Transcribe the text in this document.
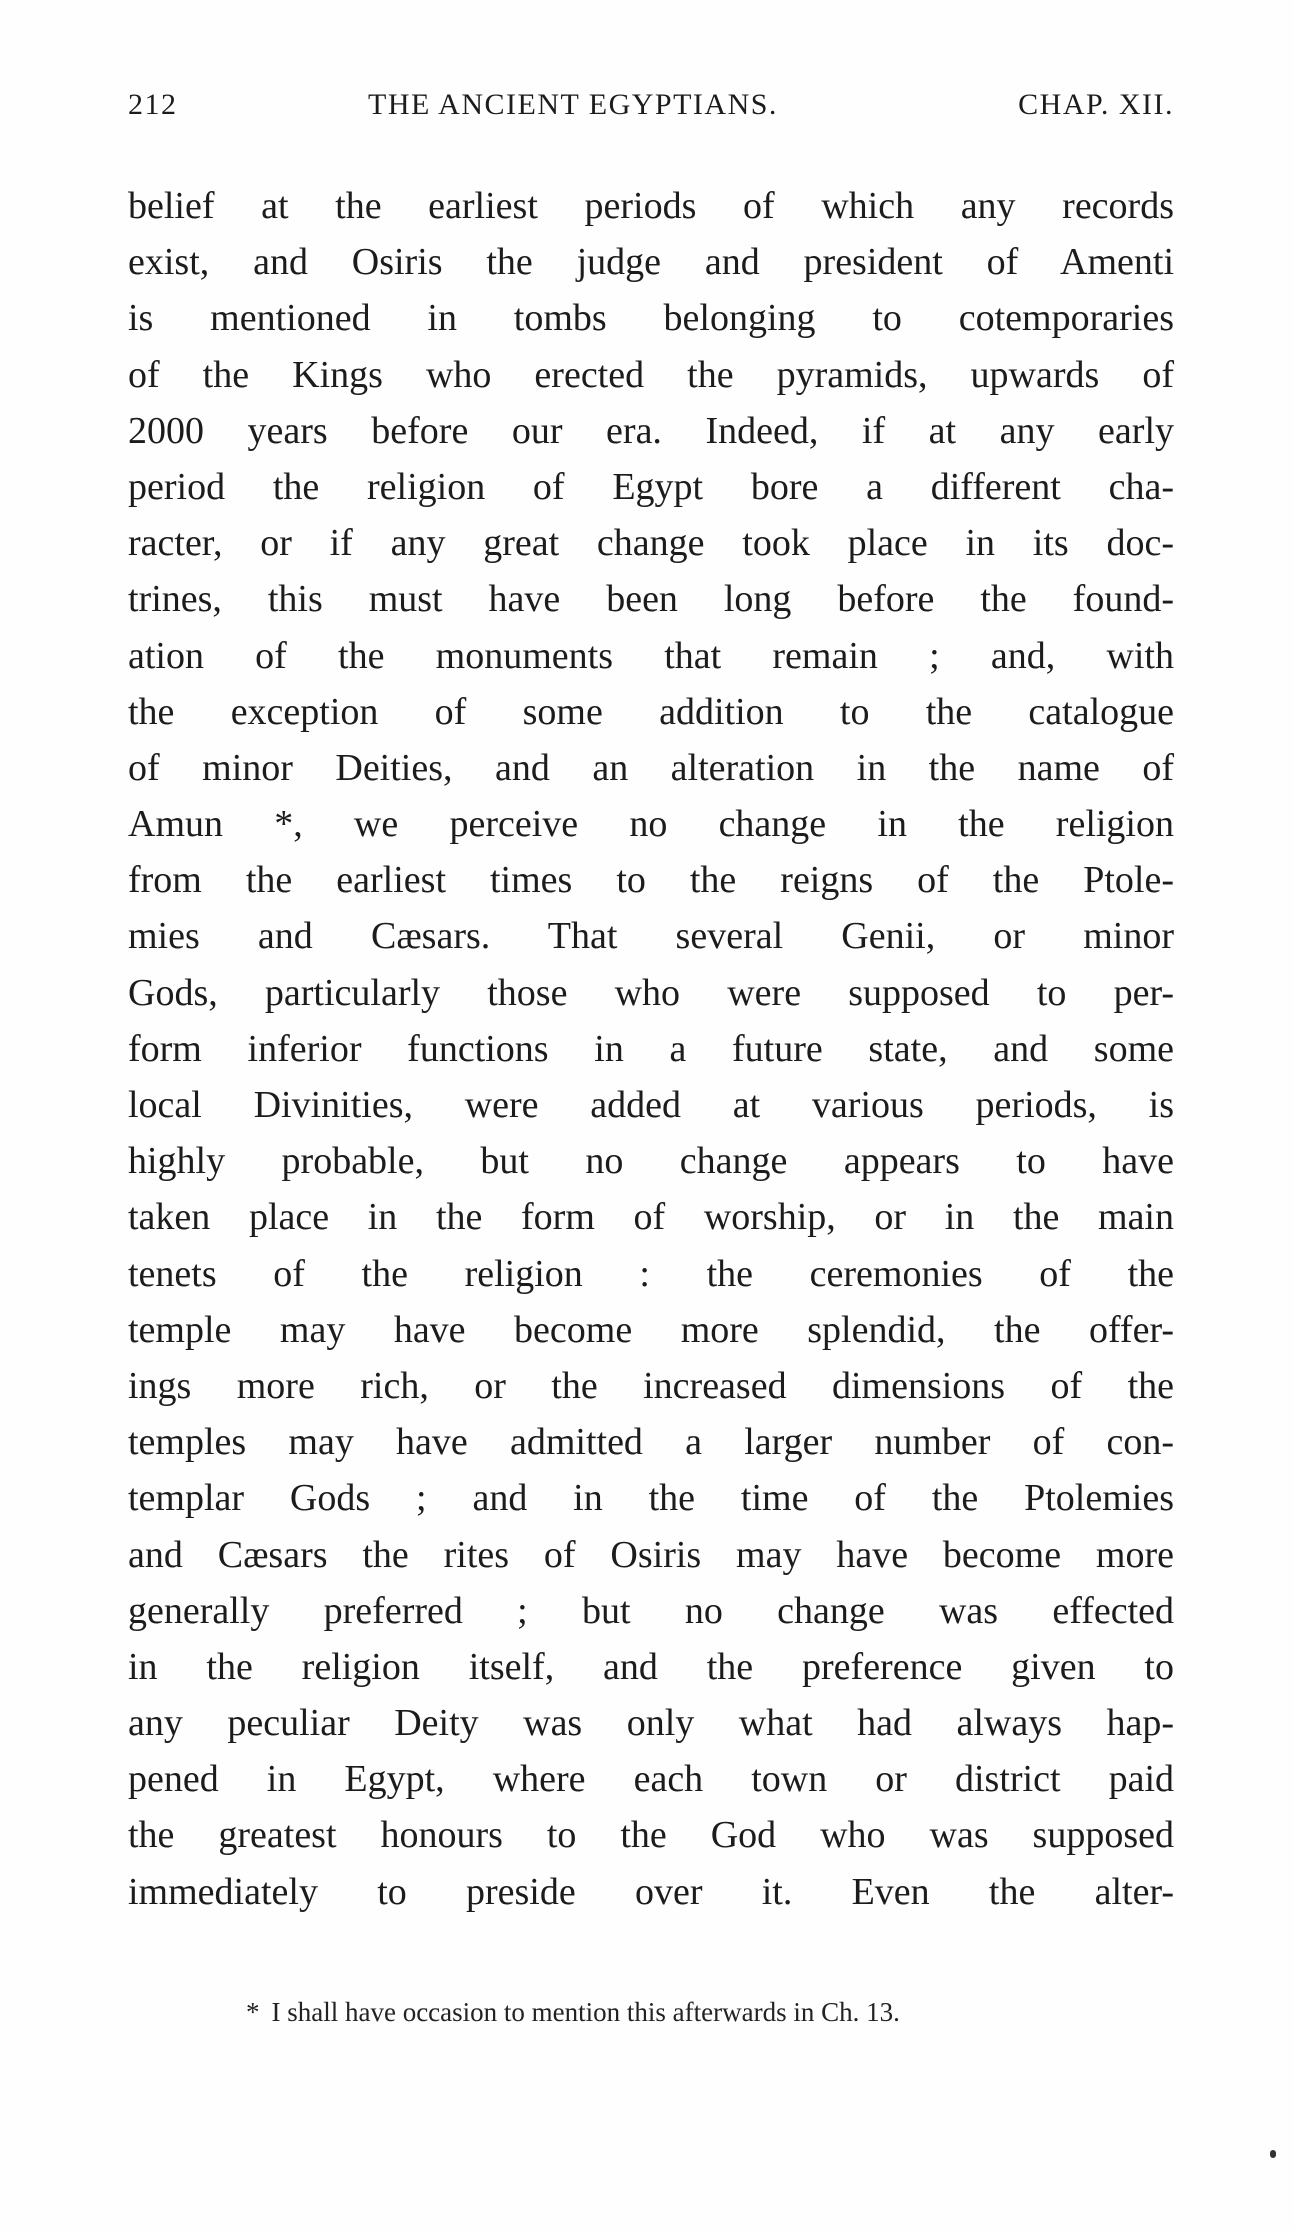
212	THE ANCIENT EGYPTIANS.	CHAP. XII.
belief at the earliest periods of which any records
exist, and Osiris the judge and president of Amenti
is mentioned in tombs belonging to cotemporaries
of the Kings who erected the pyramids, upwards of
2000 years before our era. Indeed, if at any early
period the religion of Egypt bore a different cha-
racter, or if any great change took place in its doc-
trines, this must have been long before the found-
ation of the monuments that remain ; and, with
the exception of some addition to the catalogue
of minor Deities, and an alteration in the name of
Amun *, we perceive no change in the religion
from the earliest times to the reigns of the Ptole-
mies and Cæsars. That several Genii, or minor
Gods, particularly those who were supposed to per-
form inferior functions in a future state, and some
local Divinities, were added at various periods, is
highly probable, but no change appears to have
taken place in the form of worship, or in the main
tenets of the religion : the ceremonies of the
temple may have become more splendid, the offer-
ings more rich, or the increased dimensions of the
temples may have admitted a larger number of con-
templar Gods ; and in the time of the Ptolemies
and Cæsars the rites of Osiris may have become more
generally preferred ; but no change was effected
in the religion itself, and the preference given to
any peculiar Deity was only what had always hap-
pened in Egypt, where each town or district paid
the greatest honours to the God who was supposed
immediately to preside over it. Even the alter-
* I shall have occasion to mention this afterwards in Ch. 13.
